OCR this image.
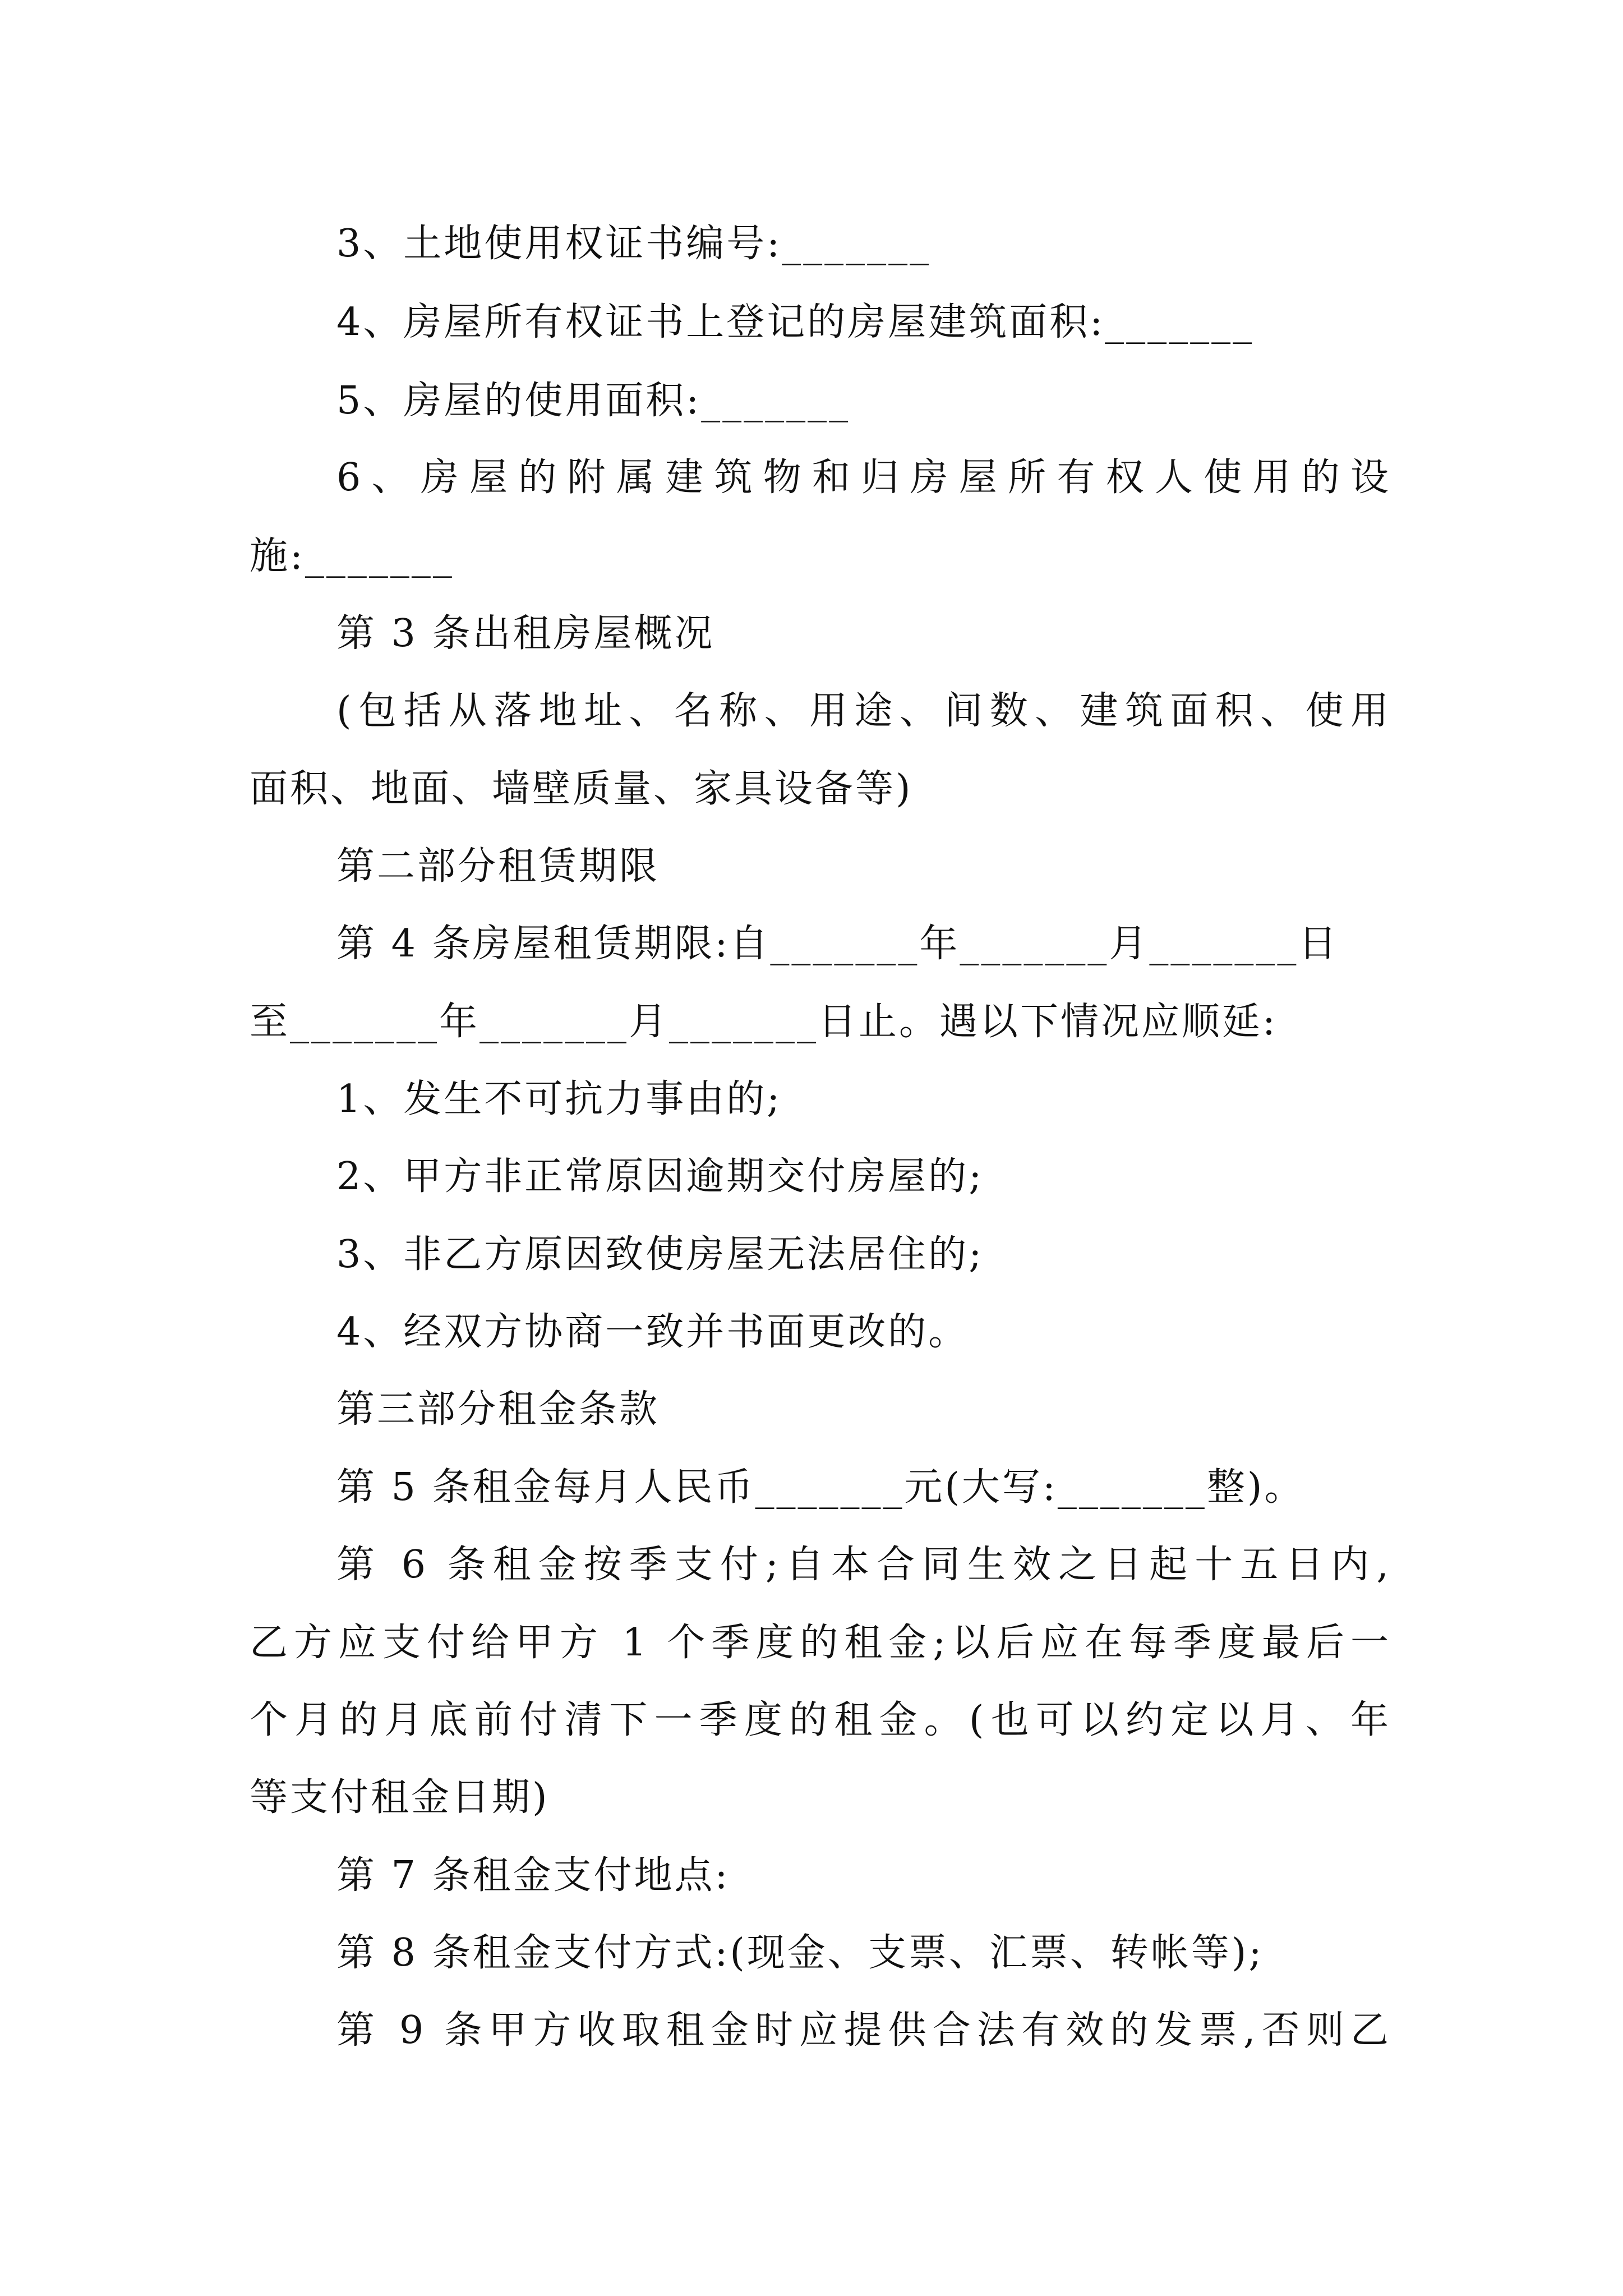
3、土地使用权证书编号:_______
4、房屋所有权证书上登记的房屋建筑面积:_______
5、房屋的使用面积:_______
6、房屋的附属建筑物和归房屋所有权人使用的设
施:_______
第 3 条出租房屋概况
(包括从落地址、名称、用途、间数、建筑面积、使用
面积、地面、墙壁质量、家具设备等)
第二部分租赁期限
第 4 条房屋租赁期限:自_______年_______月_______日
至_______年_______月_______日止。遇以下情况应顺延:
1、发生不可抗力事由的;
2、甲方非正常原因逾期交付房屋的;
3、非乙方原因致使房屋无法居住的;
4、经双方协商一致并书面更改的。
第三部分租金条款
第 5 条租金每月人民币_______元(大写:_______整)。
第 6 条租金按季支付;自本合同生效之日起十五日内,
乙方应支付给甲方 1 个季度的租金;以后应在每季度最后一
个月的月底前付清下一季度的租金。(也可以约定以月、年
等支付租金日期)
第 7 条租金支付地点:
第 8 条租金支付方式:(现金、支票、汇票、转帐等);
第 9 条甲方收取租金时应提供合法有效的发票,否则乙
